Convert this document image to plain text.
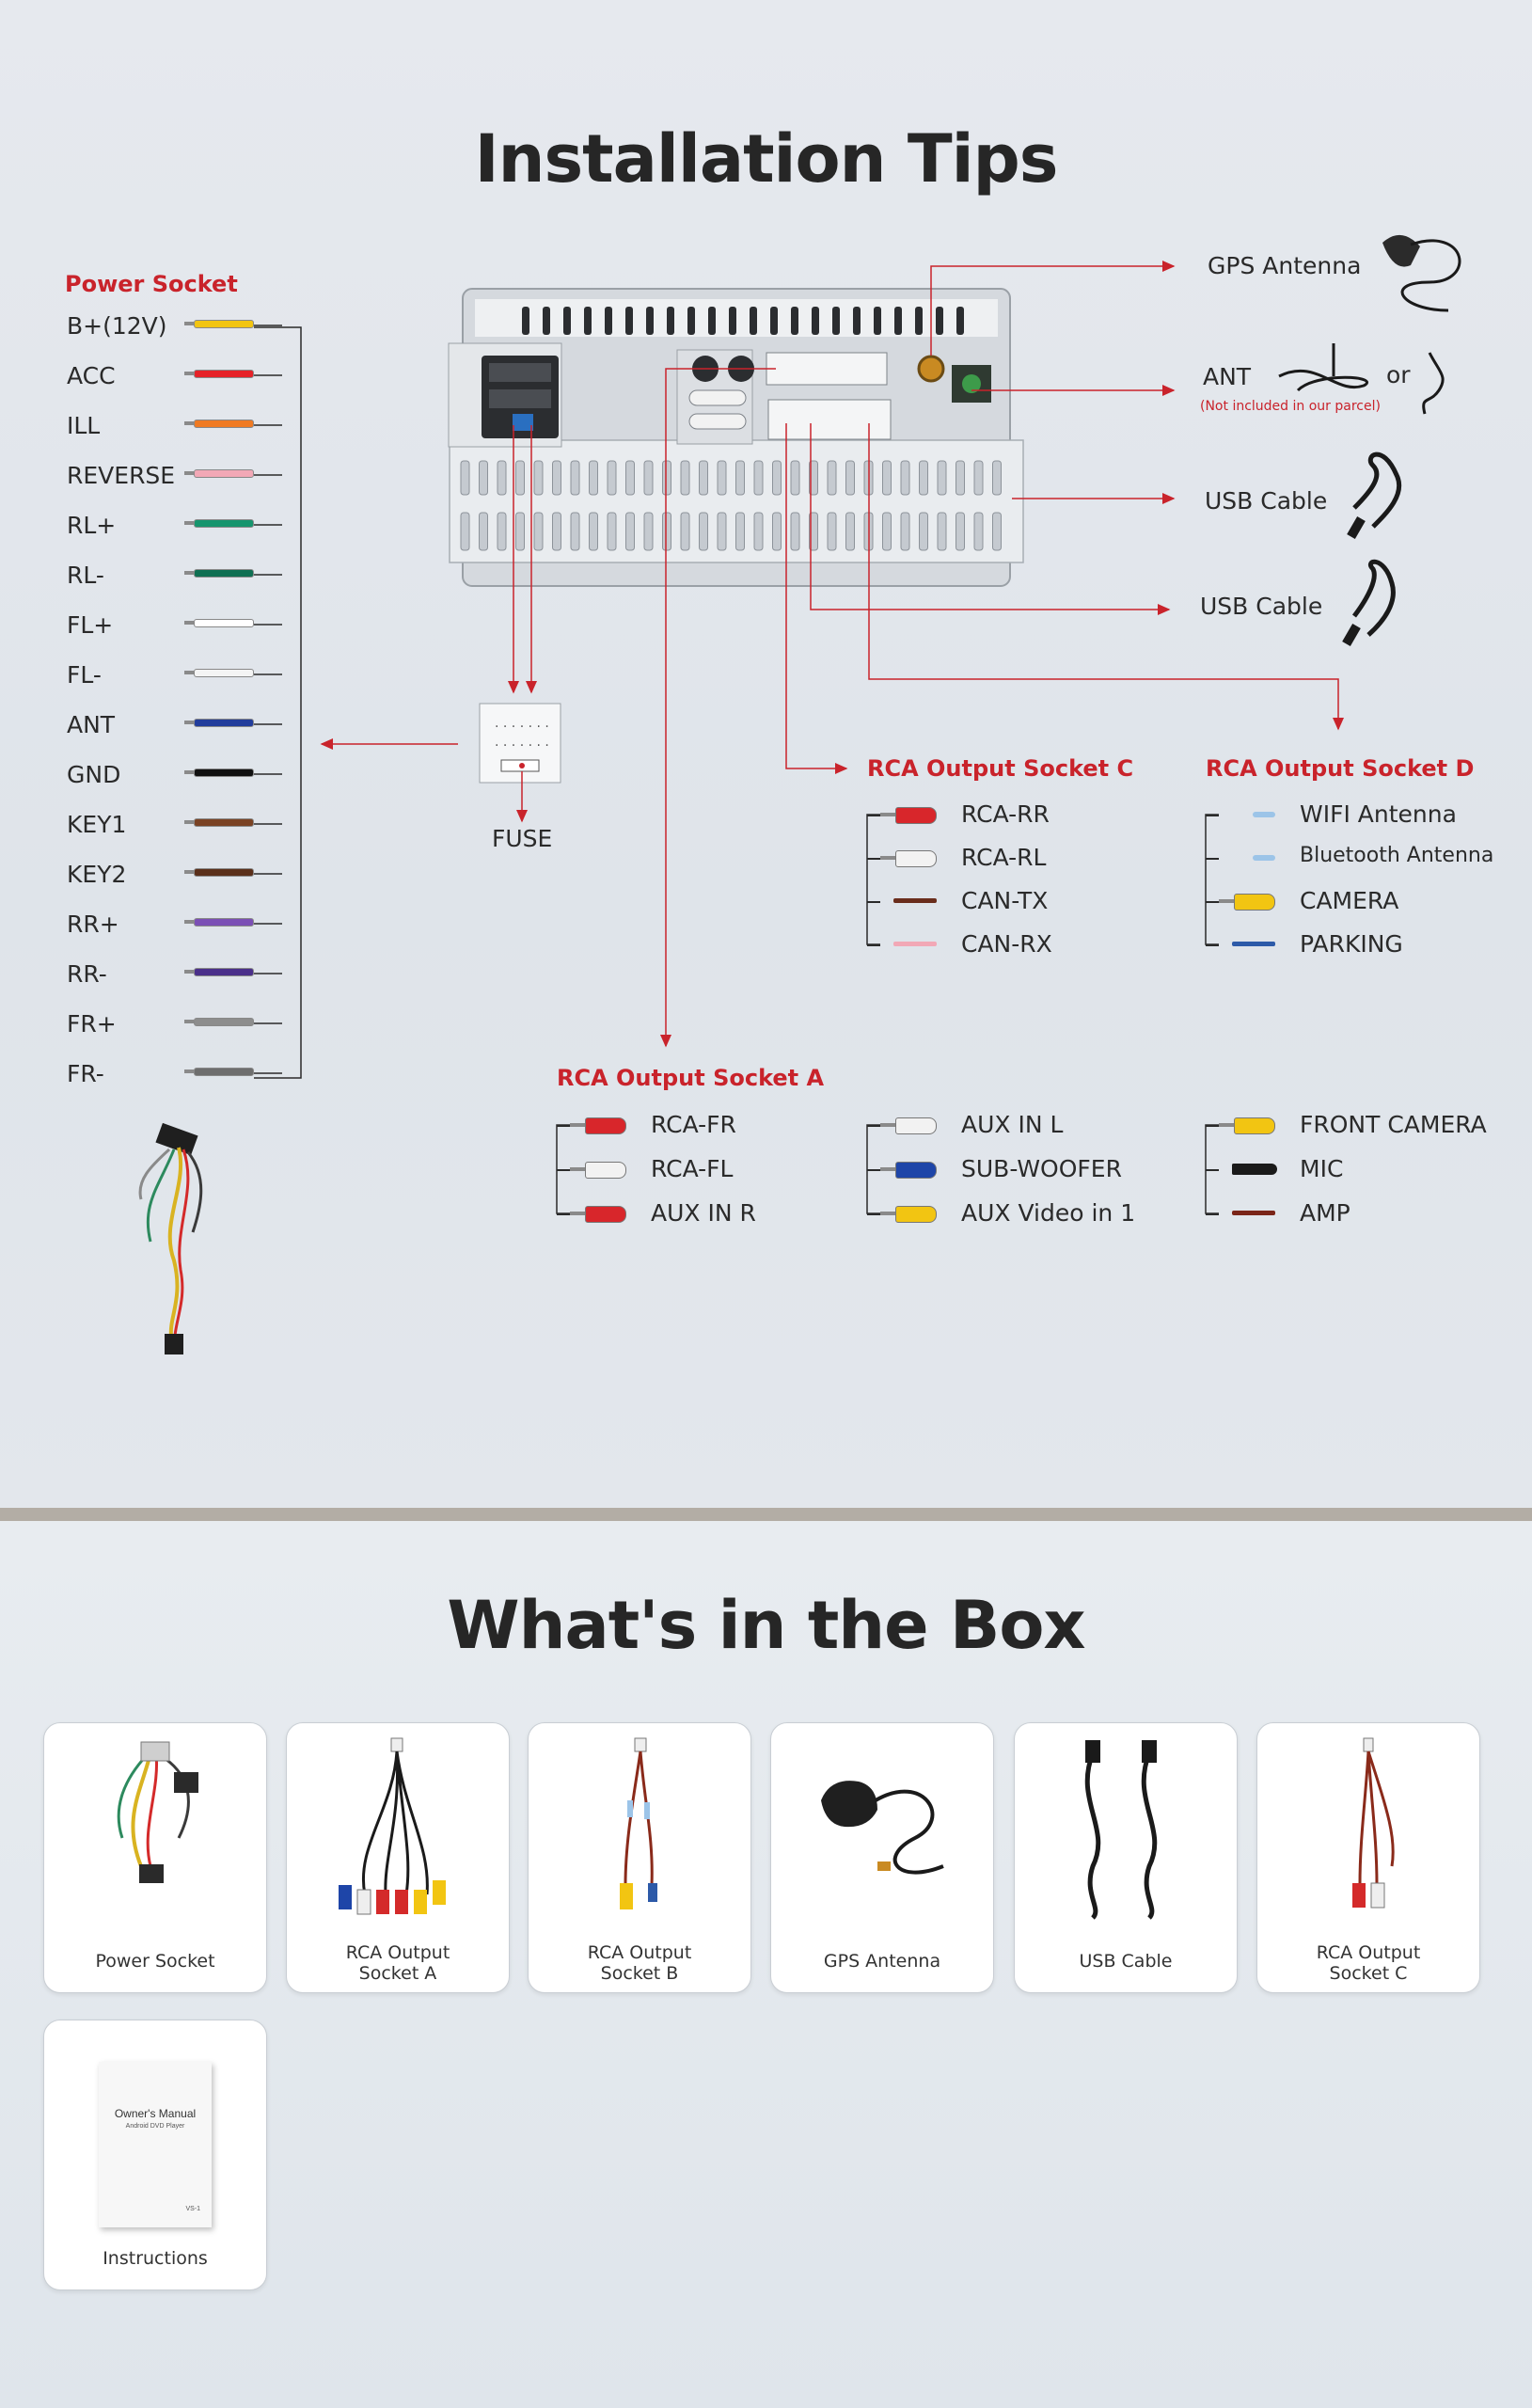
Installation Tips
Power Socket
B+(12V)
ACC
ILL
REVERSE
RL+
RL-
FL+
FL-
ANT
GND
KEY1
KEY2
RR+
RR-
FR+
FR-
. . . . . . .
. . . . . . .
FUSE
GPS Antenna
ANT	or
(Not included in our parcel)
USB Cable
USB Cable
RCA Output Socket C	RCA Output Socket D
RCA Output Socket A
RCA-RR
RCA-RL
CAN-TX
CAN-RX
WIFI Antenna
Bluetooth Antenna
CAMERA
PARKING
RCA-FR
RCA-FL
AUX IN R
AUX IN L
SUB-WOOFER
AUX Video in 1
FRONT CAMERA
MIC
AMP
What's in the Box
Power Socket	RCA Output
Socket A
RCA Output
Socket B
GPS Antenna	USB Cable	RCA Output
Socket C
Owner's Manual
Android DVD Player
VS-1
Instructions
